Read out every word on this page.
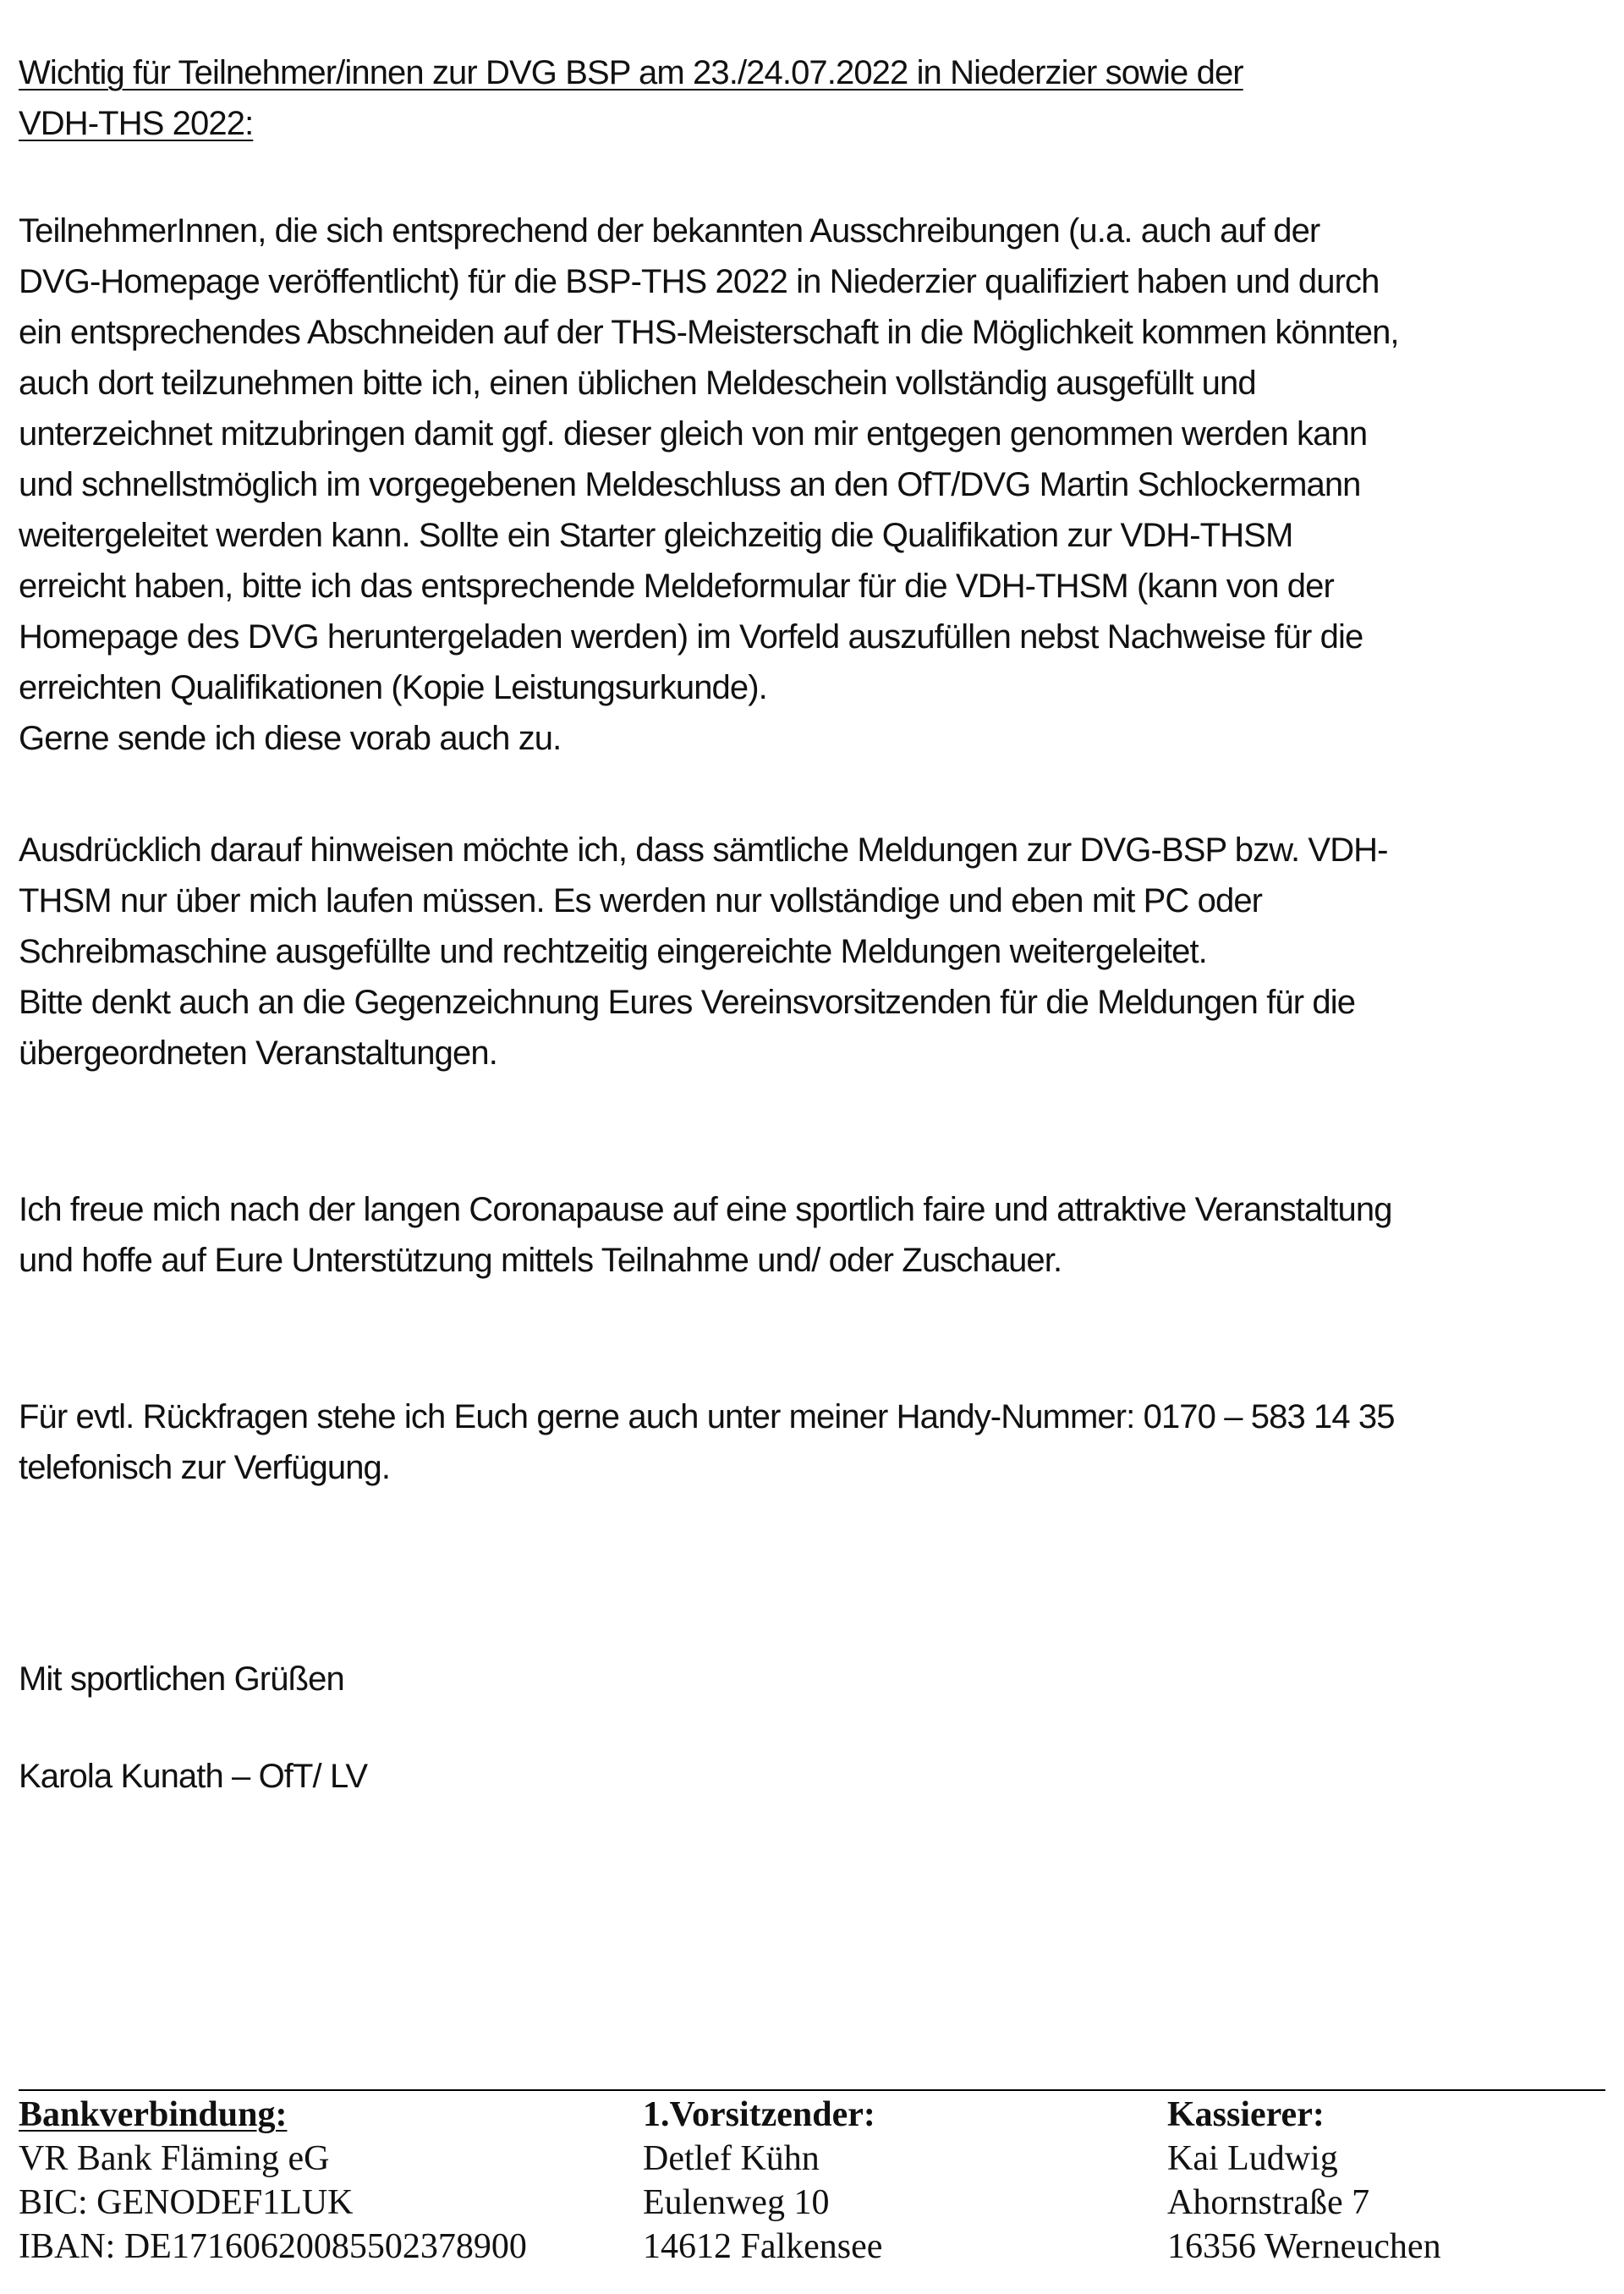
Wichtig für Teilnehmer/innen zur DVG BSP am 23./24.07.2022 in Niederzier sowie der
VDH-THS 2022:
TeilnehmerInnen, die sich entsprechend der bekannten Ausschreibungen (u.a. auch auf der
DVG-Homepage veröffentlicht) für die BSP-THS 2022 in Niederzier qualifiziert haben und durch
ein entsprechendes Abschneiden auf der THS-Meisterschaft in die Möglichkeit kommen könnten,
auch dort teilzunehmen bitte ich, einen üblichen Meldeschein vollständig ausgefüllt und
unterzeichnet mitzubringen damit ggf. dieser gleich von mir entgegen genommen werden kann
und schnellstmöglich im vorgegebenen Meldeschluss an den OfT/DVG Martin Schlockermann
weitergeleitet werden kann. Sollte ein Starter gleichzeitig die Qualifikation zur VDH-THSM
erreicht haben, bitte ich das entsprechende Meldeformular für die VDH-THSM (kann von der
Homepage des DVG heruntergeladen werden) im Vorfeld auszufüllen nebst Nachweise für die
erreichten Qualifikationen (Kopie Leistungsurkunde).
Gerne sende ich diese vorab auch zu.
Ausdrücklich darauf hinweisen möchte ich, dass sämtliche Meldungen zur DVG-BSP bzw. VDH-
THSM nur über mich laufen müssen. Es werden nur vollständige und eben mit PC oder
Schreibmaschine ausgefüllte und rechtzeitig eingereichte Meldungen weitergeleitet.
Bitte denkt auch an die Gegenzeichnung Eures Vereinsvorsitzenden für die Meldungen für die
übergeordneten Veranstaltungen.
Ich freue mich nach der langen Coronapause auf eine sportlich faire und attraktive Veranstaltung
und hoffe auf Eure Unterstützung mittels Teilnahme und/ oder Zuschauer.
Für evtl. Rückfragen stehe ich Euch gerne auch unter meiner Handy-Nummer: 0170 – 583 14 35
telefonisch zur Verfügung.
Mit sportlichen Grüßen
Karola Kunath – OfT/ LV
Bankverbindung:
VR Bank Fläming eG
BIC: GENODEF1LUK
IBAN: DE17160620085502378900
1.Vorsitzender:
Detlef Kühn
Eulenweg 10
14612 Falkensee
Kassierer:
Kai Ludwig
Ahornstraße 7
16356 Werneuchen
